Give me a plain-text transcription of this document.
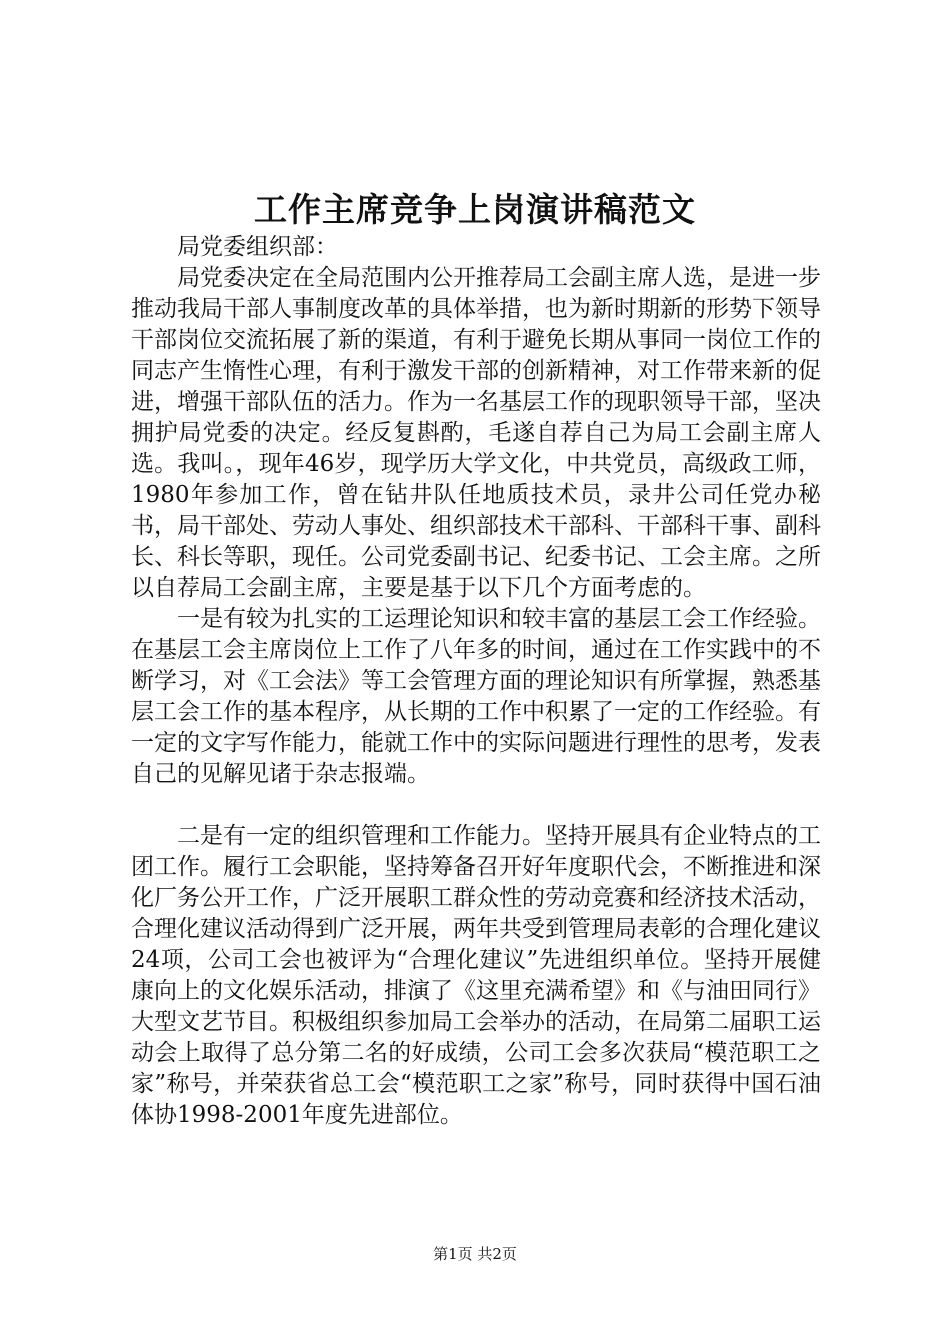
工作主席竞争上岗演讲稿范文

局党委组织部：

局党委决定在全局范围内公开推荐局工会副主席人选，是进一步推动我局干部人事制度改革的具体举措，也为新时期新的形势下领导干部岗位交流拓展了新的渠道，有利于避免长期从事同一岗位工作的同志产生惰性心理，有利于激发干部的创新精神，对工作带来新的促进，增强干部队伍的活力。作为一名基层工作的现职领导干部，坚决拥护局党委的决定。经反复斟酌，毛遂自荐自己为局工会副主席人选。我叫。，现年46岁，现学历大学文化，中共党员，高级政工师，1980年参加工作，曾在钻井队任地质技术员，录井公司任党办秘书，局干部处、劳动人事处、组织部技术干部科、干部科干事、副科长、科长等职，现任。公司党委副书记、纪委书记、工会主席。之所以自荐局工会副主席，主要是基于以下几个方面考虑的。

一是有较为扎实的工运理论知识和较丰富的基层工会工作经验。在基层工会主席岗位上工作了八年多的时间，通过在工作实践中的不断学习，对《工会法》等工会管理方面的理论知识有所掌握，熟悉基层工会工作的基本程序，从长期的工作中积累了一定的工作经验。有一定的文字写作能力，能就工作中的实际问题进行理性的思考，发表自己的见解见诸于杂志报端。

二是有一定的组织管理和工作能力。坚持开展具有企业特点的工团工作。履行工会职能，坚持筹备召开好年度职代会，不断推进和深化厂务公开工作，广泛开展职工群众性的劳动竞赛和经济技术活动，合理化建议活动得到广泛开展，两年共受到管理局表彰的合理化建议24项，公司工会也被评为“合理化建议”先进组织单位。坚持开展健康向上的文化娱乐活动，排演了《这里充满希望》和《与油田同行》大型文艺节目。积极组织参加局工会举办的活动，在局第二届职工运动会上取得了总分第二名的好成绩，公司工会多次获局“模范职工之家”称号，并荣获省总工会“模范职工之家”称号，同时获得中国石油体协1998-2001年度先进部位。

第1页 共2页
